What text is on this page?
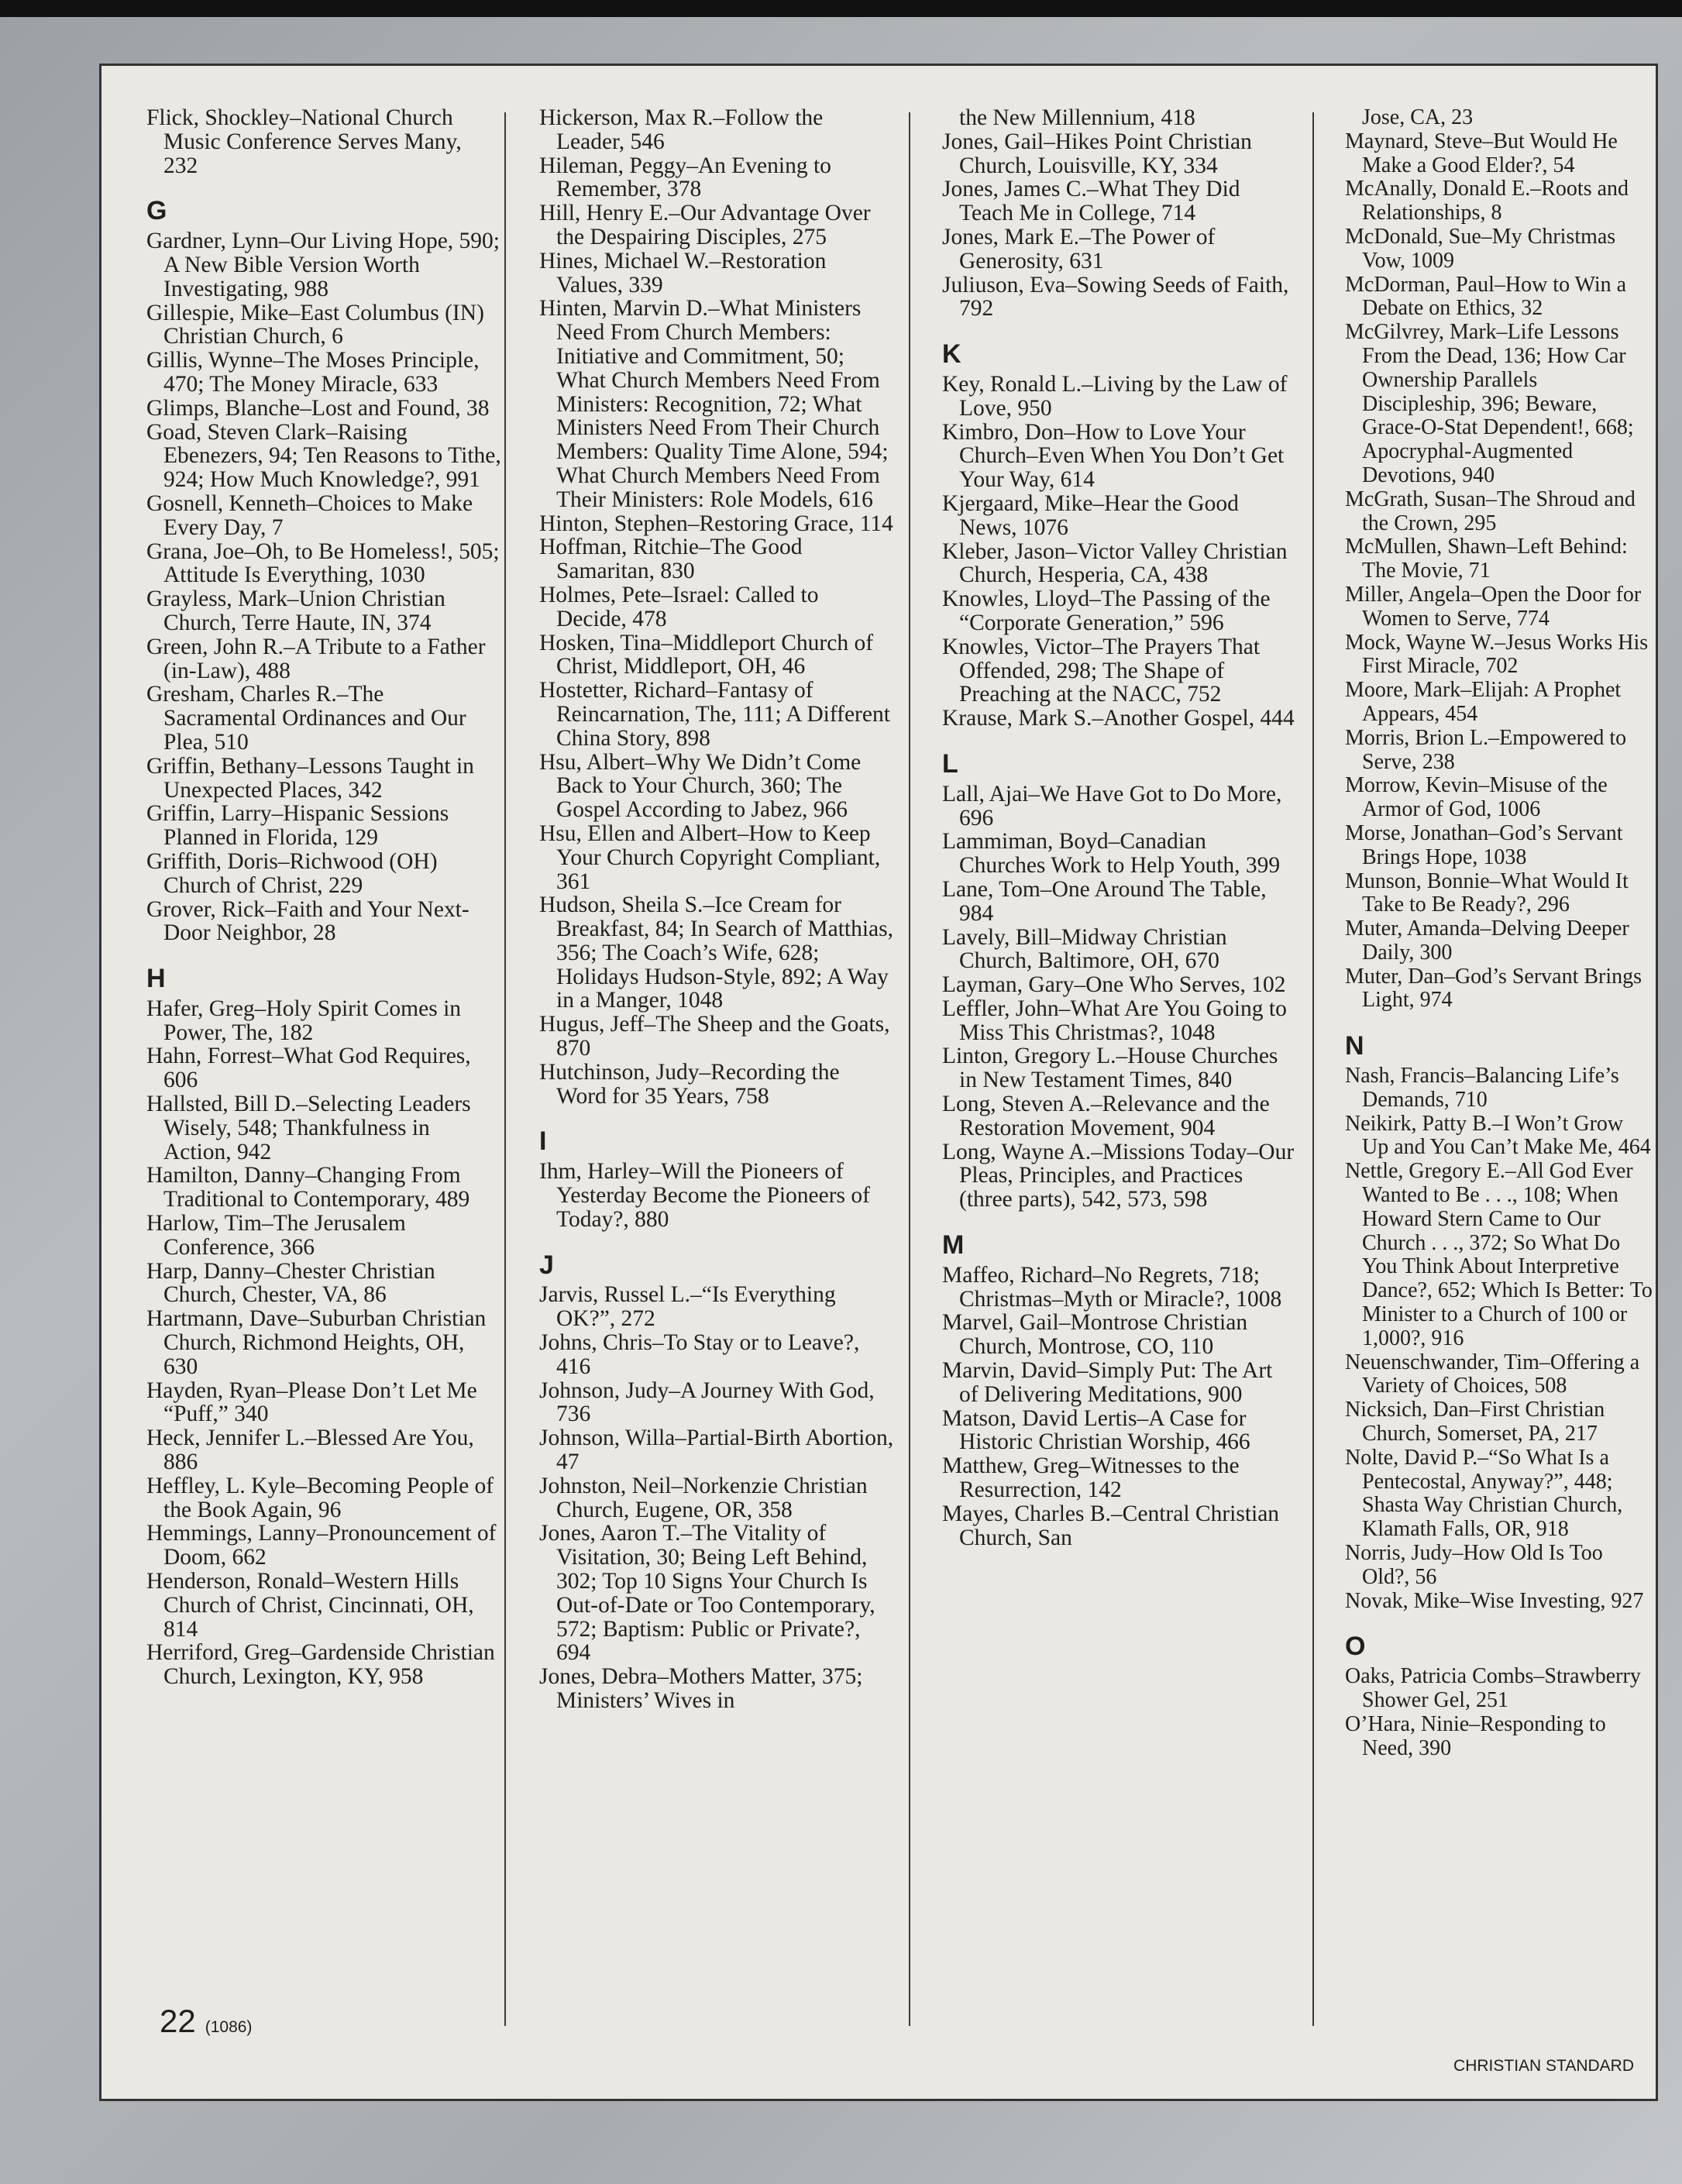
Flick, Shockley–National Church Music Conference Serves Many, 232
G
Gardner, Lynn–Our Living Hope, 590; A New Bible Version Worth Investigating, 988
Gillespie, Mike–East Columbus (IN) Christian Church, 6
Gillis, Wynne–The Moses Principle, 470; The Money Miracle, 633
Glimps, Blanche–Lost and Found, 38
Goad, Steven Clark–Raising Ebenezers, 94; Ten Reasons to Tithe, 924; How Much Knowledge?, 991
Gosnell, Kenneth–Choices to Make Every Day, 7
Grana, Joe–Oh, to Be Homeless!, 505; Attitude Is Everything, 1030
Grayless, Mark–Union Christian Church, Terre Haute, IN, 374
Green, John R.–A Tribute to a Father (in-Law), 488
Gresham, Charles R.–The Sacramental Ordinances and Our Plea, 510
Griffin, Bethany–Lessons Taught in Unexpected Places, 342
Griffin, Larry–Hispanic Sessions Planned in Florida, 129
Griffith, Doris–Richwood (OH) Church of Christ, 229
Grover, Rick–Faith and Your Next-Door Neighbor, 28
H
Hafer, Greg–Holy Spirit Comes in Power, The, 182
Hahn, Forrest–What God Requires, 606
Hallsted, Bill D.–Selecting Leaders Wisely, 548; Thankfulness in Action, 942
Hamilton, Danny–Changing From Traditional to Contemporary, 489
Harlow, Tim–The Jerusalem Conference, 366
Harp, Danny–Chester Christian Church, Chester, VA, 86
Hartmann, Dave–Suburban Christian Church, Richmond Heights, OH, 630
Hayden, Ryan–Please Don’t Let Me “Puff,” 340
Heck, Jennifer L.–Blessed Are You, 886
Heffley, L. Kyle–Becoming People of the Book Again, 96
Hemmings, Lanny–Pronouncement of Doom, 662
Henderson, Ronald–Western Hills Church of Christ, Cincinnati, OH, 814
Herriford, Greg–Gardenside Christian Church, Lexington, KY, 958
Hickerson, Max R.–Follow the Leader, 546
Hileman, Peggy–An Evening to Remember, 378
Hill, Henry E.–Our Advantage Over the Despairing Disciples, 275
Hines, Michael W.–Restoration Values, 339
Hinten, Marvin D.–What Ministers Need From Church Members: Initiative and Commitment, 50; What Church Members Need From Ministers: Recognition, 72; What Ministers Need From Their Church Members: Quality Time Alone, 594; What Church Members Need From Their Ministers: Role Models, 616
Hinton, Stephen–Restoring Grace, 114
Hoffman, Ritchie–The Good Samaritan, 830
Holmes, Pete–Israel: Called to Decide, 478
Hosken, Tina–Middleport Church of Christ, Middleport, OH, 46
Hostetter, Richard–Fantasy of Reincarnation, The, 111; A Different China Story, 898
Hsu, Albert–Why We Didn’t Come Back to Your Church, 360; The Gospel According to Jabez, 966
Hsu, Ellen and Albert–How to Keep Your Church Copyright Compliant, 361
Hudson, Sheila S.–Ice Cream for Breakfast, 84; In Search of Matthias, 356; The Coach’s Wife, 628; Holidays Hudson-Style, 892; A Way in a Manger, 1048
Hugus, Jeff–The Sheep and the Goats, 870
Hutchinson, Judy–Recording the Word for 35 Years, 758
I
Ihm, Harley–Will the Pioneers of Yesterday Become the Pioneers of Today?, 880
J
Jarvis, Russel L.–“Is Everything OK?”, 272
Johns, Chris–To Stay or to Leave?, 416
Johnson, Judy–A Journey With God, 736
Johnson, Willa–Partial-Birth Abortion, 47
Johnston, Neil–Norkenzie Christian Church, Eugene, OR, 358
Jones, Aaron T.–The Vitality of Visitation, 30; Being Left Behind, 302; Top 10 Signs Your Church Is Out-of-Date or Too Contemporary, 572; Baptism: Public or Private?, 694
Jones, Debra–Mothers Matter, 375; Ministers’ Wives in
the New Millennium, 418
Jones, Gail–Hikes Point Christian Church, Louisville, KY, 334
Jones, James C.–What They Did Teach Me in College, 714
Jones, Mark E.–The Power of Generosity, 631
Juliuson, Eva–Sowing Seeds of Faith, 792
K
Key, Ronald L.–Living by the Law of Love, 950
Kimbro, Don–How to Love Your Church–Even When You Don’t Get Your Way, 614
Kjergaard, Mike–Hear the Good News, 1076
Kleber, Jason–Victor Valley Christian Church, Hesperia, CA, 438
Knowles, Lloyd–The Passing of the “Corporate Generation,” 596
Knowles, Victor–The Prayers That Offended, 298; The Shape of Preaching at the NACC, 752
Krause, Mark S.–Another Gospel, 444
L
Lall, Ajai–We Have Got to Do More, 696
Lammiman, Boyd–Canadian Churches Work to Help Youth, 399
Lane, Tom–One Around The Table, 984
Lavely, Bill–Midway Christian Church, Baltimore, OH, 670
Layman, Gary–One Who Serves, 102
Leffler, John–What Are You Going to Miss This Christmas?, 1048
Linton, Gregory L.–House Churches in New Testament Times, 840
Long, Steven A.–Relevance and the Restoration Movement, 904
Long, Wayne A.–Missions Today–Our Pleas, Principles, and Practices (three parts), 542, 573, 598
M
Maffeo, Richard–No Regrets, 718; Christmas–Myth or Miracle?, 1008
Marvel, Gail–Montrose Christian Church, Montrose, CO, 110
Marvin, David–Simply Put: The Art of Delivering Meditations, 900
Matson, David Lertis–A Case for Historic Christian Worship, 466
Matthew, Greg–Witnesses to the Resurrection, 142
Mayes, Charles B.–Central Christian Church, San
Jose, CA, 23
Maynard, Steve–But Would He Make a Good Elder?, 54
McAnally, Donald E.–Roots and Relationships, 8
McDonald, Sue–My Christmas Vow, 1009
McDorman, Paul–How to Win a Debate on Ethics, 32
McGilvrey, Mark–Life Lessons From the Dead, 136; How Car Ownership Parallels Discipleship, 396; Beware, Grace-O-Stat Dependent!, 668; Apocryphal-Augmented Devotions, 940
McGrath, Susan–The Shroud and the Crown, 295
McMullen, Shawn–Left Behind: The Movie, 71
Miller, Angela–Open the Door for Women to Serve, 774
Mock, Wayne W.–Jesus Works His First Miracle, 702
Moore, Mark–Elijah: A Prophet Appears, 454
Morris, Brion L.–Empowered to Serve, 238
Morrow, Kevin–Misuse of the Armor of God, 1006
Morse, Jonathan–God’s Servant Brings Hope, 1038
Munson, Bonnie–What Would It Take to Be Ready?, 296
Muter, Amanda–Delving Deeper Daily, 300
Muter, Dan–God’s Servant Brings Light, 974
N
Nash, Francis–Balancing Life’s Demands, 710
Neikirk, Patty B.–I Won’t Grow Up and You Can’t Make Me, 464
Nettle, Gregory E.–All God Ever Wanted to Be . . ., 108; When Howard Stern Came to Our Church . . ., 372; So What Do You Think About Interpretive Dance?, 652; Which Is Better: To Minister to a Church of 100 or 1,000?, 916
Neuenschwander, Tim–Offering a Variety of Choices, 508
Nicksich, Dan–First Christian Church, Somerset, PA, 217
Nolte, David P.–“So What Is a Pentecostal, Anyway?”, 448; Shasta Way Christian Church, Klamath Falls, OR, 918
Norris, Judy–How Old Is Too Old?, 56
Novak, Mike–Wise Investing, 927
O
Oaks, Patricia Combs–Strawberry Shower Gel, 251
O’Hara, Ninie–Responding to Need, 390
22 (1086)
CHRISTIAN STANDARD
